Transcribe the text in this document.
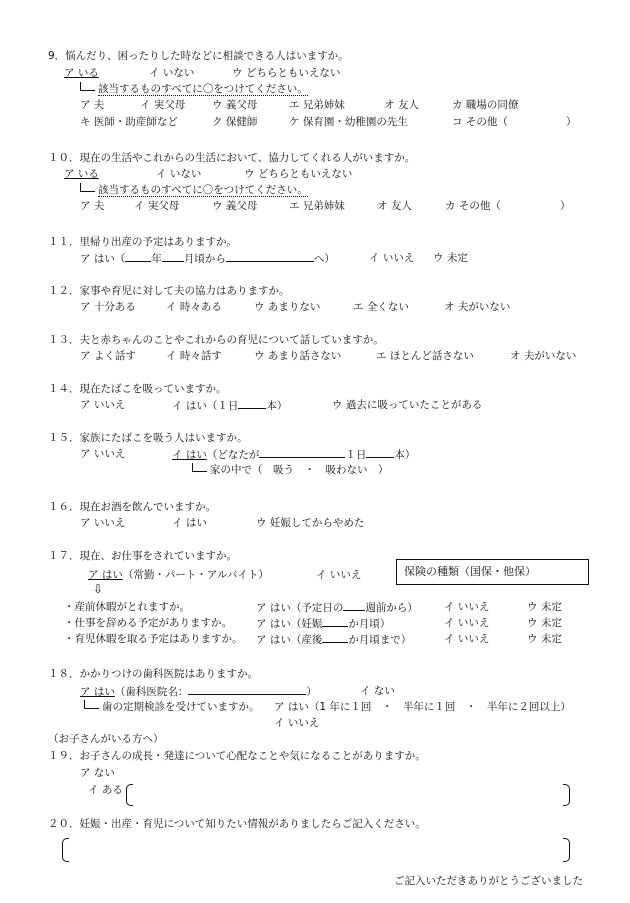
9．悩んだり、困ったりした時などに相談できる人はいますか。
ア いる	イ いない	ウ どちらともいえない
該当するものすべてに〇をつけてください。
ア 夫	イ 実父母	ウ 義父母	エ 兄弟姉妹	オ 友人	カ 職場の同僚
キ 医師・助産師など	ク 保健師	ケ 保育園・幼稚園の先生	コ その他（	）
１０．現在の生活やこれからの生活において、協力してくれる人がいますか。
ア いる	イ いない	ウ どちらともいえない
該当するものすべてに〇をつけてください。
ア 夫	イ 実父母	ウ 義父母	エ 兄弟姉妹	オ 友人	カ その他（	）
１１．里帰り出産の予定はありますか。
ア はい（ 年 月頃から	へ）	イ いいえ ウ 未定
１２．家事や育児に対して夫の協力はありますか。
ア 十分ある	イ 時々ある	ウ あまりない	エ 全くない	オ 夫がいない
１３．夫と赤ちゃんのことやこれからの育児について話していますか。
ア よく話す	イ 時々話す	ウ あまり話さない	エ ほとんど話さない	オ 夫がいない
１４．現在たばこを吸っていますか。
ア いいえ	イ はい（１日	本）	ウ 過去に吸っていたことがある
１５．家族にたばこを吸う人はいますか。
ア いいえ	イ はい（どなたが	１日	本）
家の中で（　吸う　・　吸わない　）
１６．現在お酒を飲んでいますか。
ア いいえ	イ はい	ウ 妊娠してからやめた
１７．現在、お仕事をされていますか。
ア はい（常勤・パート・アルバイト）	イ いいえ	保険の種類（国保・他保）
⇩
・産前休暇がとれますか。	ア はい（予定日の 週前から） イ いいえ	ウ 未定
・仕事を辞める予定がありますか。 ア はい（妊娠 か月頃）	イ いいえ	ウ 未定
・育児休暇を取る予定はありますか。 ア はい（産後 か月頃まで）	イ いいえ	ウ 未定
１８．かかりつけの歯科医院はありますか。
ア はい（歯科医院名：	）	イ ない
歯の定期検診を受けていますか。 ア はい（1 年に１回　・　半年に１回　・　半年に２回以上）
イ いいえ
（お子さんがいる方へ）
１９．お子さんの成長・発達について心配なことや気になることがありますか。
ア ない
イ ある
２０．妊娠・出産・育児について知りたい情報がありましたらご記入ください。
ご記入いただきありがとうございました
